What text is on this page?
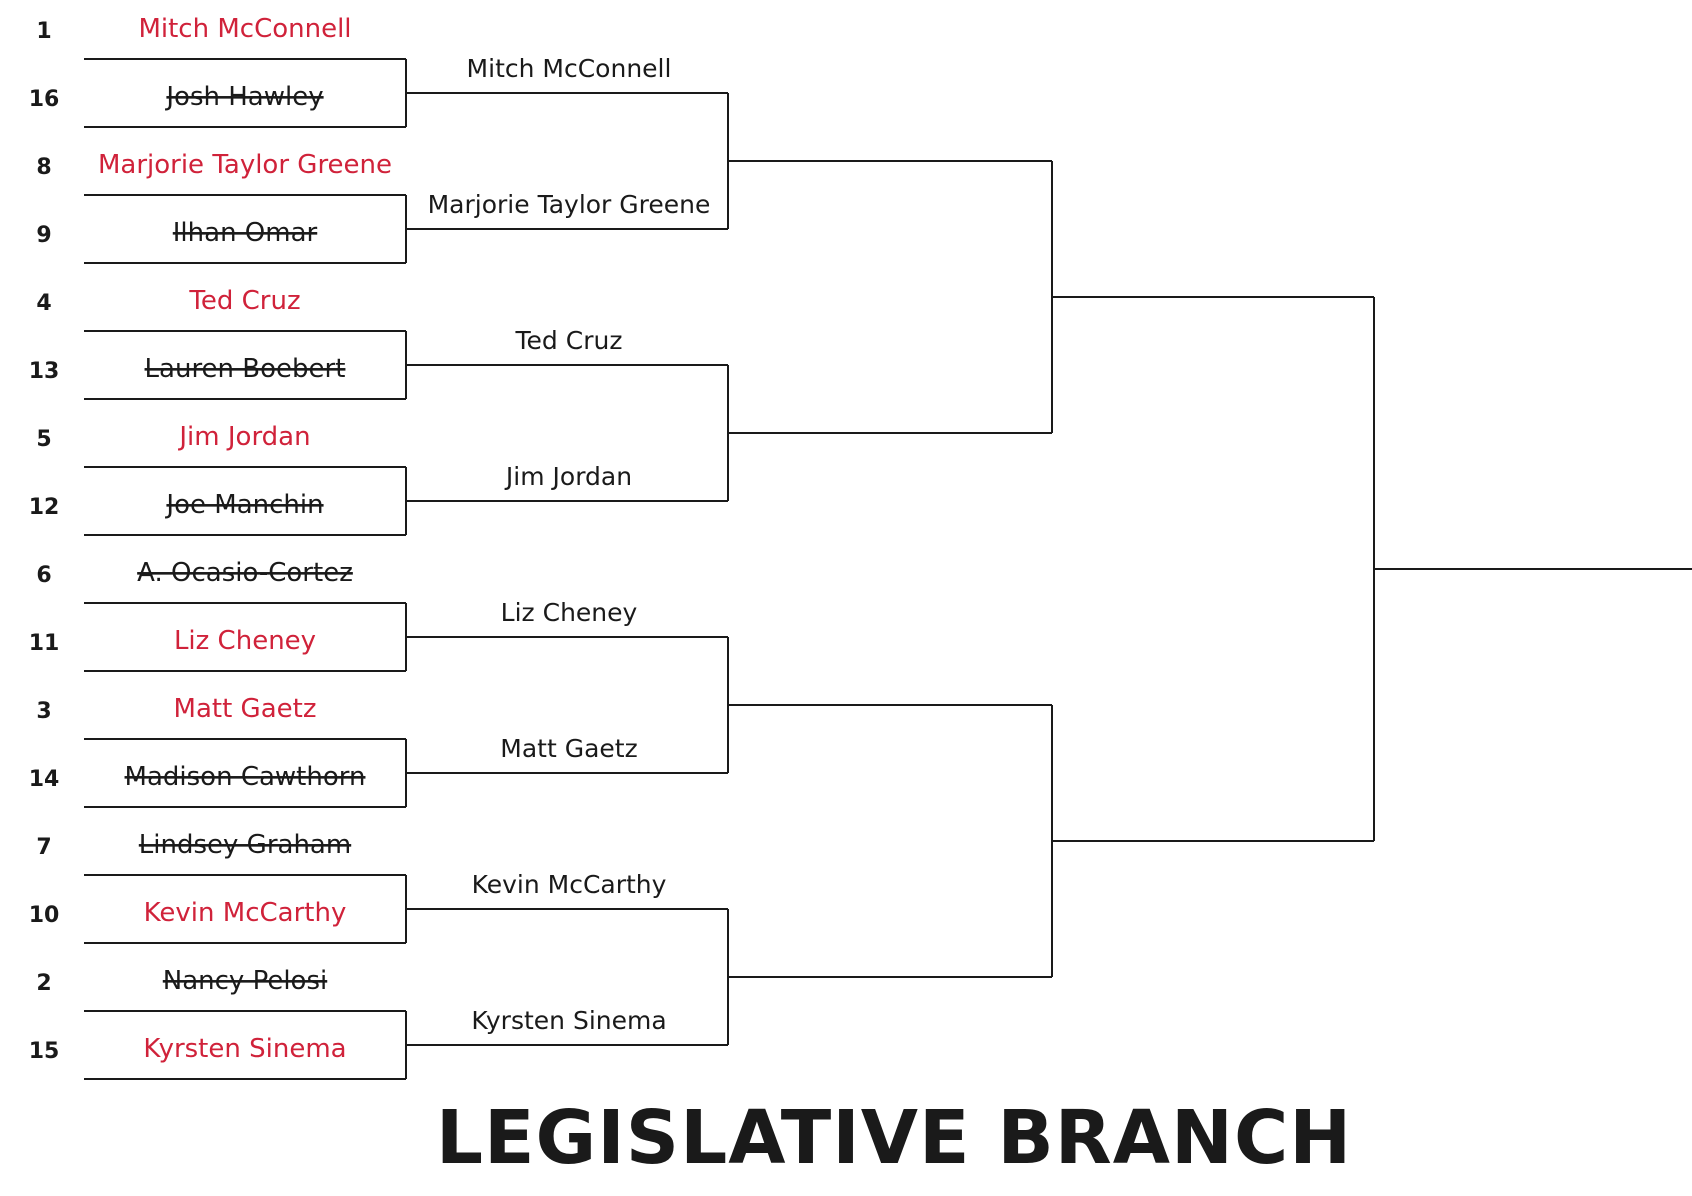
1
16
8
9
4
13
5
12
6
11
3
14
7
10
2
15
Mitch McConnell
Josh Hawley
Marjorie Taylor Greene
Ilhan Omar
Ted Cruz
Lauren Boebert
Jim Jordan
Joe Manchin
A. Ocasio-Cortez
Liz Cheney
Matt Gaetz
Madison Cawthorn
Lindsey Graham
Kevin McCarthy
Nancy Pelosi
Kyrsten Sinema
Mitch McConnell
Marjorie Taylor Greene
Ted Cruz
Jim Jordan
Liz Cheney
Matt Gaetz
Kevin McCarthy
Kyrsten Sinema
LEGISLATIVE BRANCH
